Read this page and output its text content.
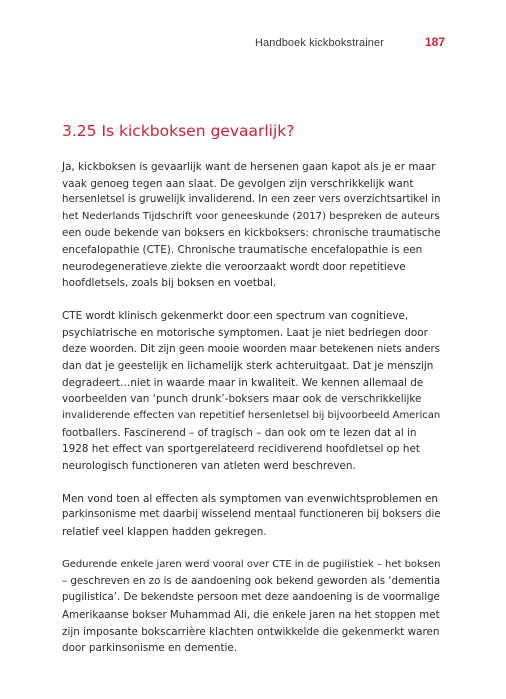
Handboek kickbokstrainer	187
3.25 Is kickboksen gevaarlijk?

Ja, kickboksen is gevaarlijk want de hersenen gaan kapot als je er maar
vaak genoeg tegen aan slaat. De gevolgen zijn verschrikkelijk want
hersenletsel is gruwelijk invaliderend. In een zeer vers overzichtsartikel in
het Nederlands Tijdschrift voor geneeskunde (2017) bespreken de auteurs
een oude bekende van boksers en kickboksers: chronische traumatische
encefalopathie (CTE). Chronische traumatische encefalopathie is een
neurodegeneratieve ziekte die veroorzaakt wordt door repetitieve
hoofdletsels, zoals bij boksen en voetbal.

CTE wordt klinisch gekenmerkt door een spectrum van cognitieve,
psychiatrische en motorische symptomen. Laat je niet bedriegen door
deze woorden. Dit zijn geen mooie woorden maar betekenen niets anders
dan dat je geestelijk en lichamelijk sterk achteruitgaat. Dat je menszijn
degradeert…niet in waarde maar in kwaliteit. We kennen allemaal de
voorbeelden van ‘punch drunk’-boksers maar ook de verschrikkelijke
invaliderende effecten van repetitief hersenletsel bij bijvoorbeeld American
footballers. Fascinerend – of tragisch – dan ook om te lezen dat al in
1928 het effect van sportgerelateerd recidiverend hoofdletsel op het
neurologisch functioneren van atleten werd beschreven.

Men vond toen al effecten als symptomen van evenwichtsproblemen en
parkinsonisme met daarbij wisselend mentaal functioneren bij boksers die
relatief veel klappen hadden gekregen.

Gedurende enkele jaren werd vooral over CTE in de pugilistiek – het boksen
– geschreven en zo is de aandoening ook bekend geworden als ‘dementia
pugilistica’. De bekendste persoon met deze aandoening is de voormalige
Amerikaanse bokser Muhammad Ali, die enkele jaren na het stoppen met
zijn imposante bokscarrière klachten ontwikkelde die gekenmerkt waren
door parkinsonisme en dementie.
